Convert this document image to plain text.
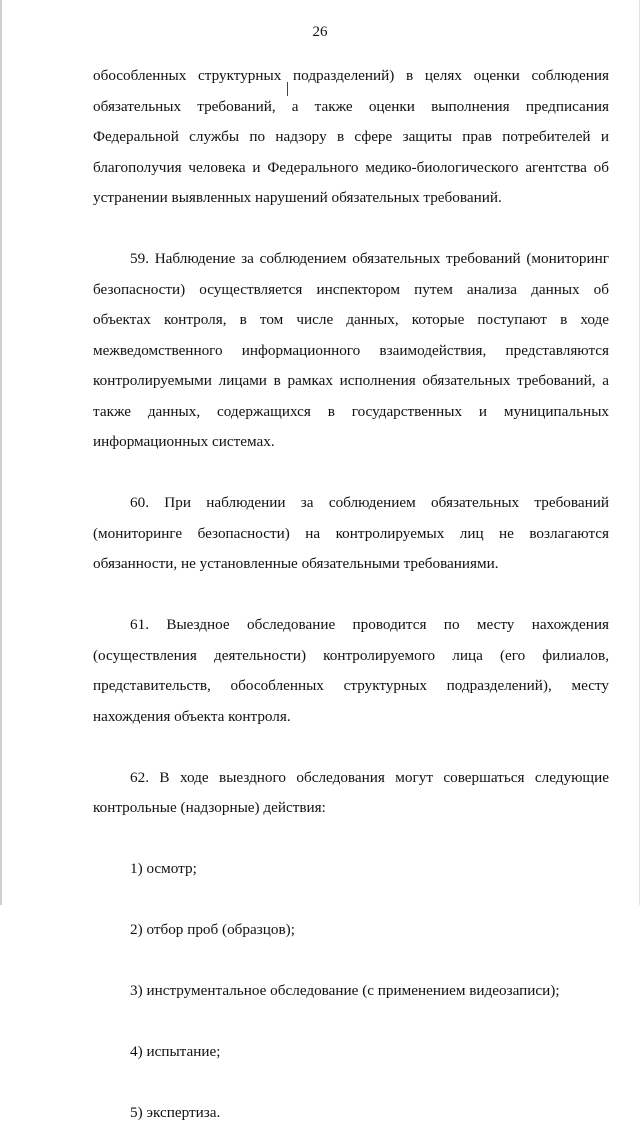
26

обособленных структурных подразделений) в целях оценки соблюдения обязательных требований, а также оценки выполнения предписания Федеральной службы по надзору в сфере защиты прав потребителей и благополучия человека и Федерального медико-биологического агентства об устранении выявленных нарушений обязательных требований.

59. Наблюдение за соблюдением обязательных требований (мониторинг безопасности) осуществляется инспектором путем анализа данных об объектах контроля, в том числе данных, которые поступают в ходе межведомственного информационного взаимодействия, представляются контролируемыми лицами в рамках исполнения обязательных требований, а также данных, содержащихся в государственных и муниципальных информационных системах.

60. При наблюдении за соблюдением обязательных требований (мониторинге безопасности) на контролируемых лиц не возлагаются обязанности, не установленные обязательными требованиями.

61. Выездное обследование проводится по месту нахождения (осуществления деятельности) контролируемого лица (его филиалов, представительств, обособленных структурных подразделений), месту нахождения объекта контроля.

62. В ходе выездного обследования могут совершаться следующие контрольные (надзорные) действия:

1) осмотр;
2) отбор проб (образцов);
3) инструментальное обследование (с применением видеозаписи);
4) испытание;
5) экспертиза.
